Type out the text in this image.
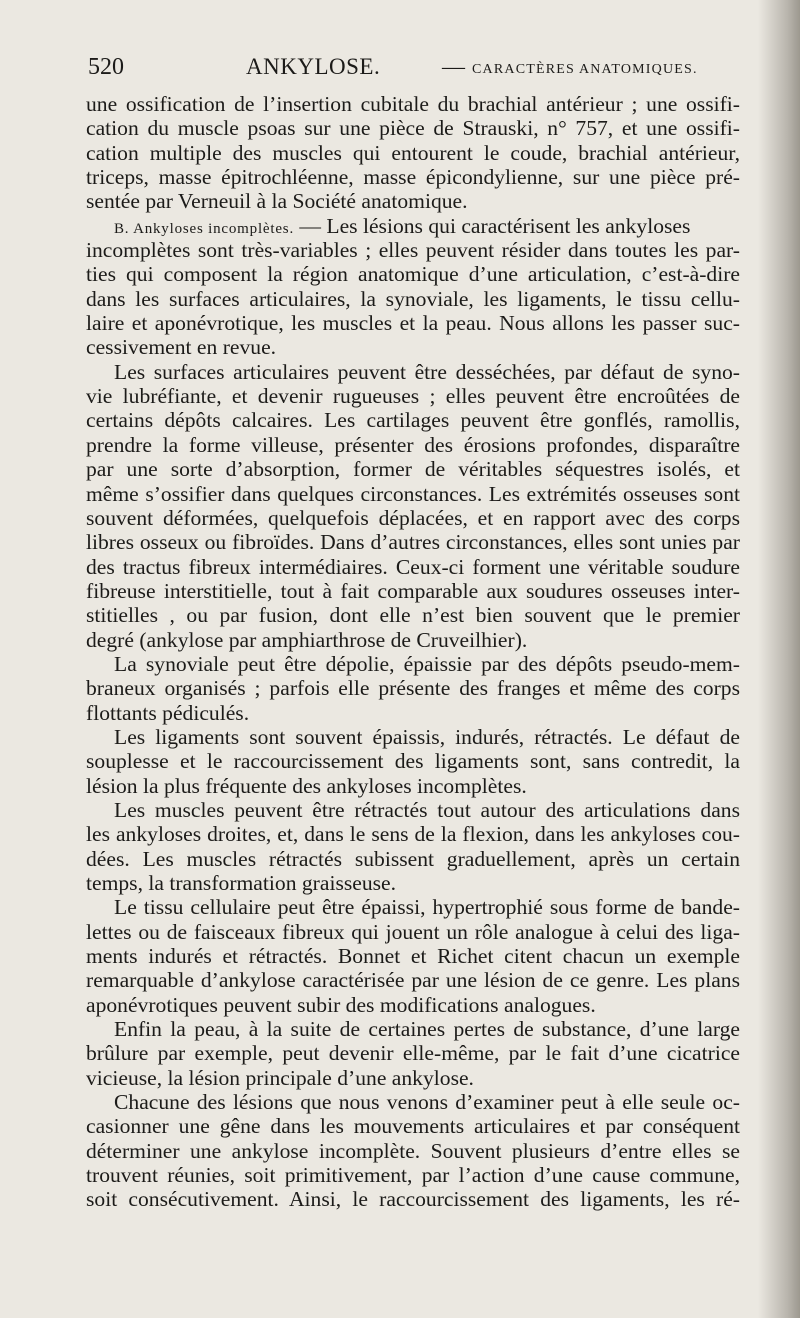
520	ANKYLOSE.	— CARACTÈRES ANATOMIQUES.
une ossification de l’insertion cubitale du brachial antérieur ; une ossifi-
cation du muscle psoas sur une pièce de Strauski, n° 757, et une ossifi-
cation multiple des muscles qui entourent le coude, brachial antérieur,
triceps, masse épitrochléenne, masse épicondylienne, sur une pièce pré-
sentée par Verneuil à la Société anatomique.
B. Ankyloses incomplètes. — Les lésions qui caractérisent les ankyloses
incomplètes sont très-variables ; elles peuvent résider dans toutes les par-
ties qui composent la région anatomique d’une articulation, c’est-à-dire
dans les surfaces articulaires, la synoviale, les ligaments, le tissu cellu-
laire et aponévrotique, les muscles et la peau. Nous allons les passer suc-
cessivement en revue.
Les surfaces articulaires peuvent être desséchées, par défaut de syno-
vie lubréfiante, et devenir rugueuses ; elles peuvent être encroûtées de
certains dépôts calcaires. Les cartilages peuvent être gonflés, ramollis,
prendre la forme villeuse, présenter des érosions profondes, disparaître
par une sorte d’absorption, former de véritables séquestres isolés, et
même s’ossifier dans quelques circonstances. Les extrémités osseuses sont
souvent déformées, quelquefois déplacées, et en rapport avec des corps
libres osseux ou fibroïdes. Dans d’autres circonstances, elles sont unies par
des tractus fibreux intermédiaires. Ceux-ci forment une véritable soudure
fibreuse interstitielle, tout à fait comparable aux soudures osseuses inter-
stitielles , ou par fusion, dont elle n’est bien souvent que le premier
degré (ankylose par amphiarthrose de Cruveilhier).
La synoviale peut être dépolie, épaissie par des dépôts pseudo-mem-
braneux organisés ; parfois elle présente des franges et même des corps
flottants pédiculés.
Les ligaments sont souvent épaissis, indurés, rétractés. Le défaut de
souplesse et le raccourcissement des ligaments sont, sans contredit, la
lésion la plus fréquente des ankyloses incomplètes.
Les muscles peuvent être rétractés tout autour des articulations dans
les ankyloses droites, et, dans le sens de la flexion, dans les ankyloses cou-
dées. Les muscles rétractés subissent graduellement, après un certain
temps, la transformation graisseuse.
Le tissu cellulaire peut être épaissi, hypertrophié sous forme de bande-
lettes ou de faisceaux fibreux qui jouent un rôle analogue à celui des liga-
ments indurés et rétractés. Bonnet et Richet citent chacun un exemple
remarquable d’ankylose caractérisée par une lésion de ce genre. Les plans
aponévrotiques peuvent subir des modifications analogues.
Enfin la peau, à la suite de certaines pertes de substance, d’une large
brûlure par exemple, peut devenir elle-même, par le fait d’une cicatrice
vicieuse, la lésion principale d’une ankylose.
Chacune des lésions que nous venons d’examiner peut à elle seule oc-
casionner une gêne dans les mouvements articulaires et par conséquent
déterminer une ankylose incomplète. Souvent plusieurs d’entre elles se
trouvent réunies, soit primitivement, par l’action d’une cause commune,
soit consécutivement. Ainsi, le raccourcissement des ligaments, les ré-
